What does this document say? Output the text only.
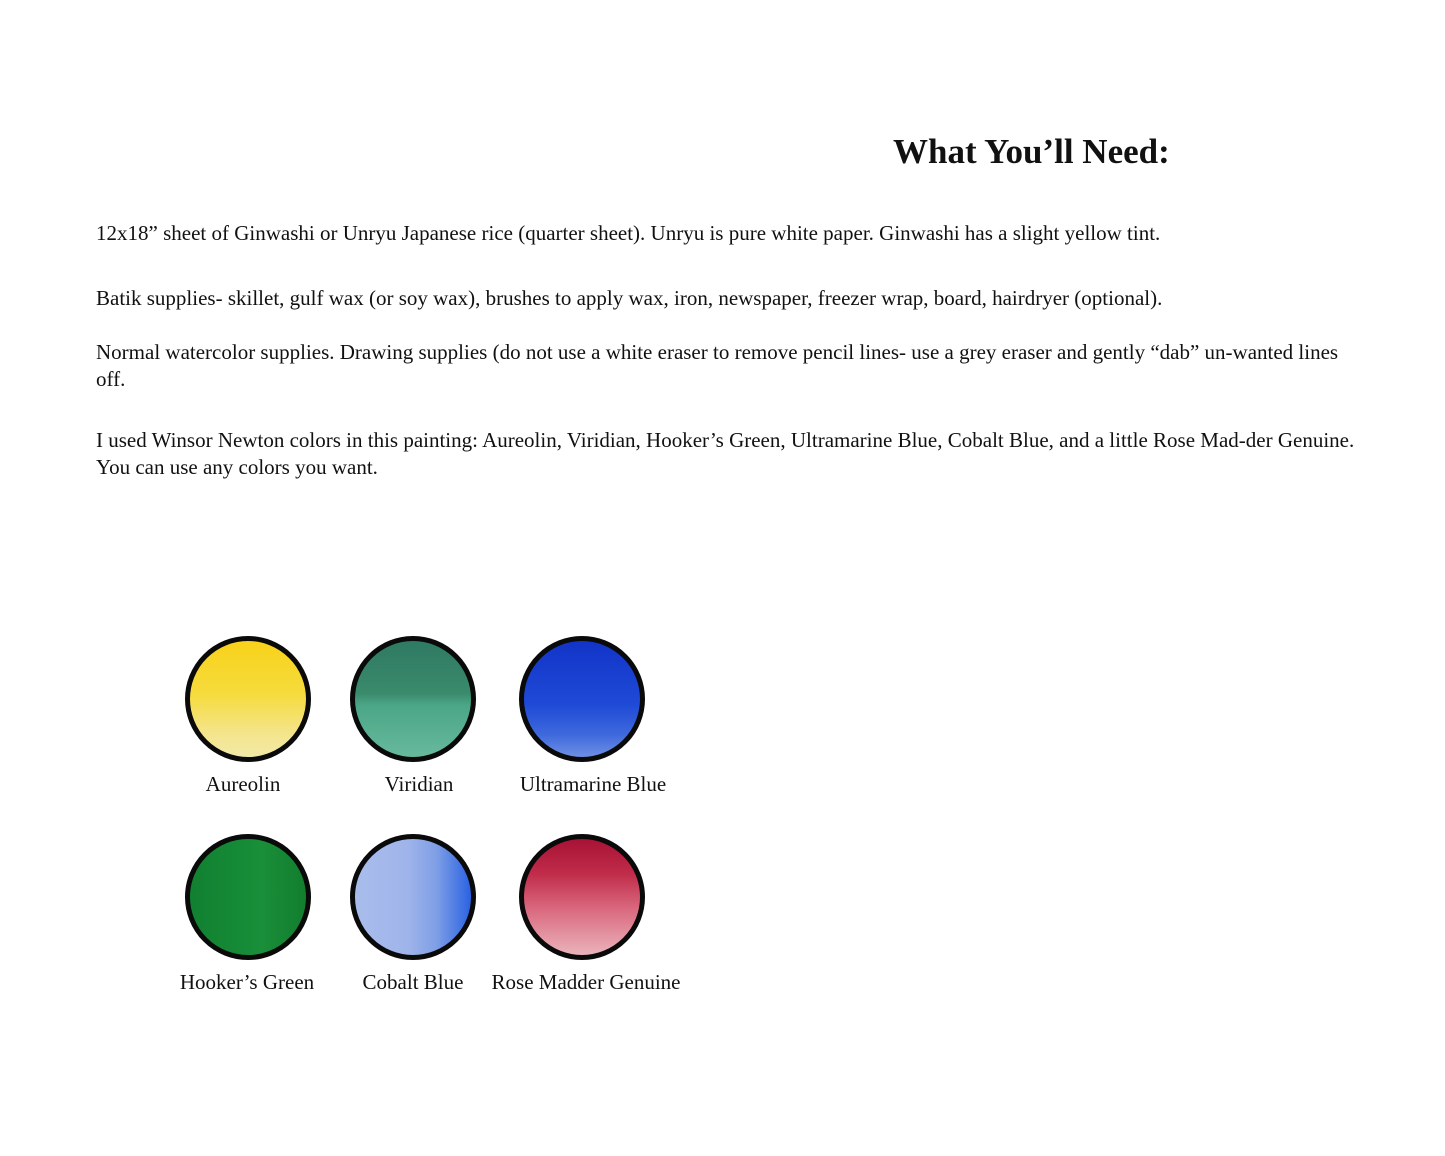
What You’ll Need:

12x18” sheet of Ginwashi or Unryu Japanese rice (quarter sheet). Unryu is pure white paper. Ginwashi has a slight yellow tint.

Batik supplies- skillet, gulf wax (or soy wax), brushes to apply wax, iron, newspaper, freezer wrap, board, hairdryer (optional).

Normal watercolor supplies. Drawing supplies (do not use a white eraser to remove pencil lines- use a grey eraser and gently “dab” un-wanted lines off.

I used Winsor Newton colors in this painting: Aureolin, Viridian, Hooker’s Green, Ultramarine Blue, Cobalt Blue, and a little Rose Mad-der Genuine. You can use any colors you want.

Aureolin	Viridian	Ultramarine Blue
Hooker’s Green Cobalt Blue Rose Madder Genuine
